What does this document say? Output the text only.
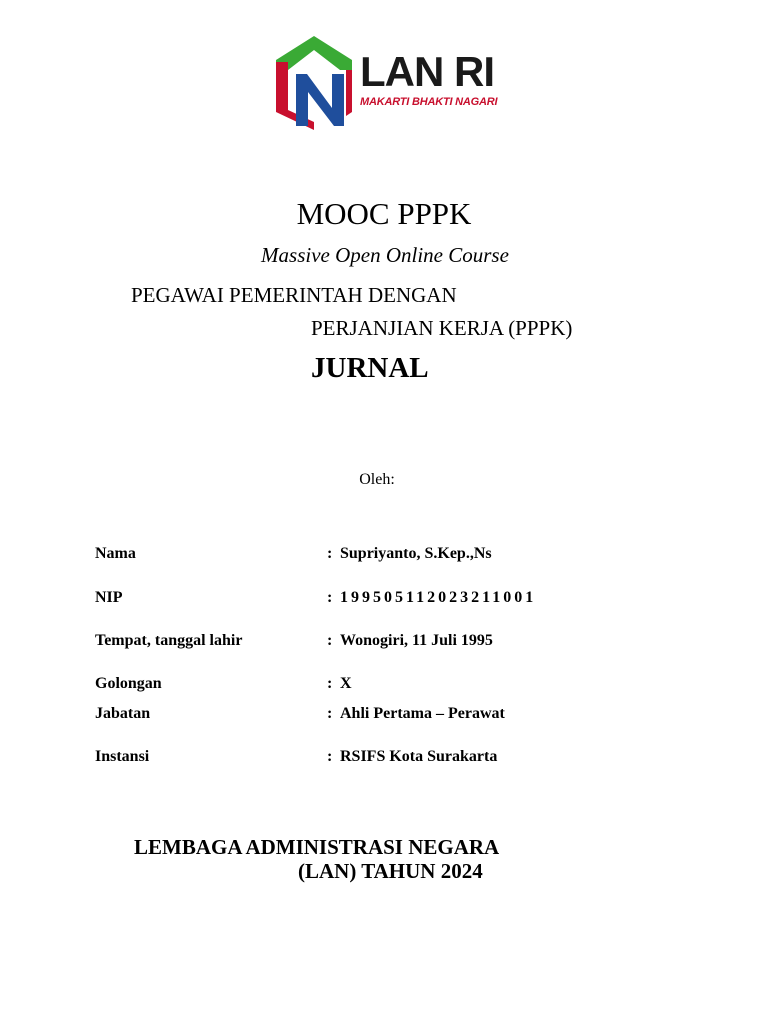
LAN RI
MAKARTI BHAKTI NAGARI
MOOC PPPK
Massive Open Online Course
PEGAWAI PEMERINTAH DENGAN
PERJANJIAN KERJA (PPPK)
JURNAL
Oleh:
Nama	: Supriyanto, S.Kep.,Ns
NIP	: 199505112023211001
Tempat, tanggal lahir	: Wonogiri, 11 Juli 1995
Golongan	: X
Jabatan	: Ahli Pertama – Perawat
Instansi	: RSIFS Kota Surakarta
LEMBAGA ADMINISTRASI NEGARA
(LAN) TAHUN 2024
